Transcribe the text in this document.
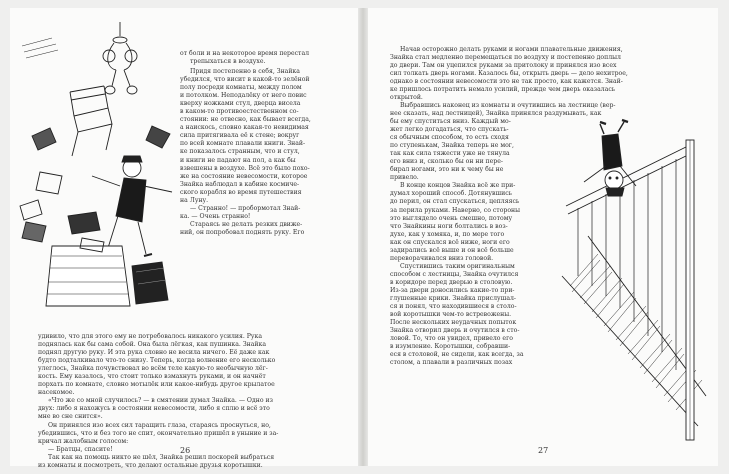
от боли и на некоторое время перестал
трепыхаться в воздухе.
Придя постепенно в себя, Знайка
убедился, что висит в какой-то зелёной
полу посреди комнаты, между полом
и потолком. Неподалёку от него повис
кверху ножками стул, дверца висела
в каком-то противоестественном со-
стоянии: не отвесно, как бывает всегда,
а наискось, словно какая-то невидимая
сила притягивала её к стене; вокруг
по всей комнате плавали книги. Знай-
ке показалось странным, что и стул,
и книги не падают на пол, а как бы
взвешены в воздухе. Всё это было похо-
же на состояние невесомости, которое
Знайка наблюдал в кабине космиче-
ского корабля во время путешествия
на Луну.
— Странно! — пробормотал Знай-
ка. — Очень странно!
Стараясь не делать резких движе-
ний, он попробовал поднять руку. Его
удивило, что для этого ему не потребовалось никакого усилия. Рука
поднялась как бы сама собой. Она была лёгкая, как пушинка. Знайка
поднял другую руку. И эта рука словно не весила ничего. Её даже как
будто подталкивало что-то снизу. Теперь, когда волнение его несколько
улеглось, Знайка почувствовал во всём теле какую-то необычную лёг-
кость. Ему казалось, что стоит только взмахнуть руками, и он начнёт
порхать по комнате, словно мотылёк или какое-нибудь другое крылатое
насекомое.
«Что же со мной случилось? — в смятении думал Знайка. — Одно из
двух: либо я нахожусь в состоянии невесомости, либо я сплю и всё это
мне во сне снится».
Он принялся изо всех сил таращить глаза, стараясь проснуться, но,
убедившись, что и без того не спит, окончательно пришёл в уныние и за-
кричал жалобным голосом:
— Братцы, спасите!
Так как на помощь никто не шёл, Знайка решил поскорей выбраться
из комнаты и посмотреть, что делают остальные друзья коротышки.
26
Начав осторожно делать руками и ногами плавательные движения,
Знайка стал медленно перемещаться по воздуху и постепенно доплыл
до двери. Там он уцепился руками за притолоку и принялся изо всех
сил толкать дверь ногами. Казалось бы, открыть дверь — дело нехитрое,
однако в состоянии невесомости это не так просто, как кажется. Знай-
ке пришлось потратить немало усилий, прежде чем дверь оказалась
открытой.
Выбравшись наконец из комнаты и очутившись на лестнице (вер-
нее сказать, над лестницей), Знайка принялся раздумывать, как
бы ему спуститься вниз. Каждый мо-
жет легко догадаться, что спускать-
ся обычным способом, то есть сходя
по ступенькам, Знайка теперь не мог,
так как сила тяжести уже не тянула
его вниз и, сколько бы он ни пере-
бирал ногами, это ни к чему бы не
привело.
В конце концов Знайка всё же при-
думал хороший способ. Дотянувшись
до перил, он стал спускаться, цепляясь
за перила руками. Наверно, со стороны
это выглядело очень смешно, потому
что Знайкины ноги болтались в воз-
духе, как у хомяка, и, по мере того
как он спускался всё ниже, ноги его
задирались всё выше и он всё больше
переворачивался вниз головой.
Спустившись таким оригинальным
способом с лестницы, Знайка очутился
в коридоре перед дверью в столовую.
Из-за двери доносились какие-то при-
глушенные крики. Знайка прислушал-
ся и понял, что находившиеся в столо-
вой коротышки чем-то встревожены.
После нескольких неудачных попыток
Знайка отворил дверь и очутился в сто-
ловой. То, что он увидел, привело его
в изумление. Коротышки, собравши-
еся в столовой, не сидели, как всегда, за
столом, а плавали в различных позах
27
